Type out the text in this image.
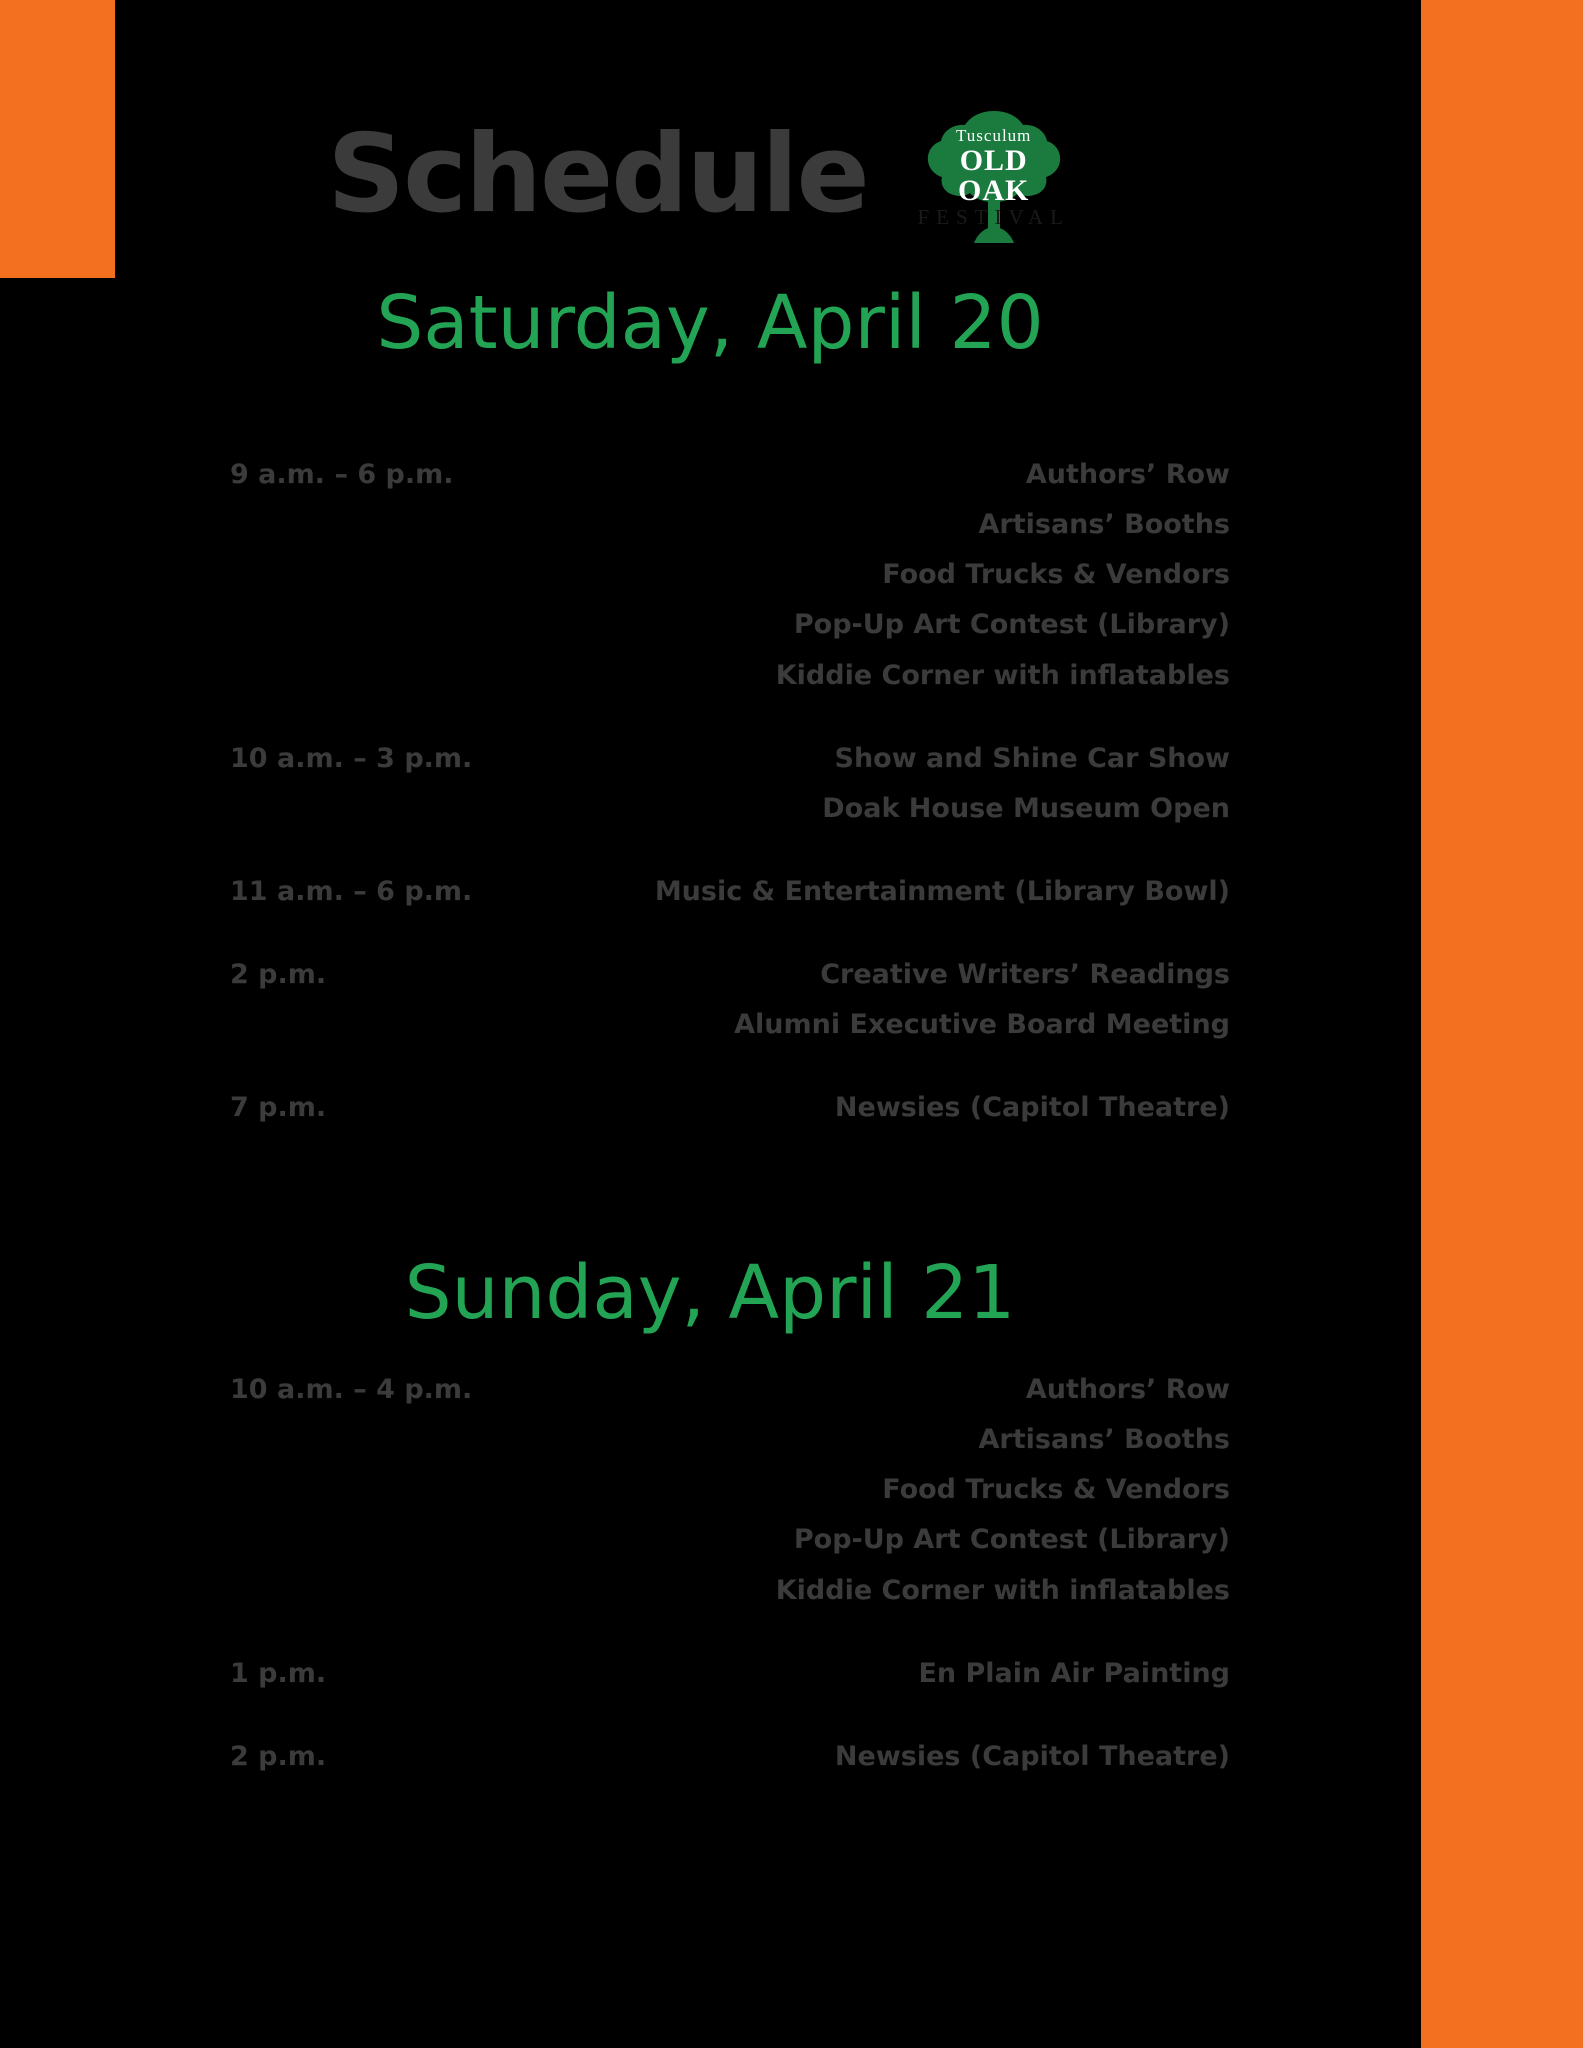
Schedule	Tusculum
OLD
OAK
FESTIVAL
Saturday, April 20
9 a.m. – 6 p.m.	Authors’ Row
Artisans’ Booths
Food Trucks & Vendors
Pop-Up Art Contest (Library)
Kiddie Corner with inflatables
10 a.m. – 3 p.m.	Show and Shine Car Show
Doak House Museum Open
11 a.m. – 6 p.m.	Music & Entertainment (Library Bowl)
2 p.m.	Creative Writers’ Readings
Alumni Executive Board Meeting
7 p.m.	Newsies (Capitol Theatre)
Sunday, April 21
10 a.m. – 4 p.m.	Authors’ Row
Artisans’ Booths
Food Trucks & Vendors
Pop-Up Art Contest (Library)
Kiddie Corner with inflatables
1 p.m.	En Plain Air Painting
2 p.m.	Newsies (Capitol Theatre)
